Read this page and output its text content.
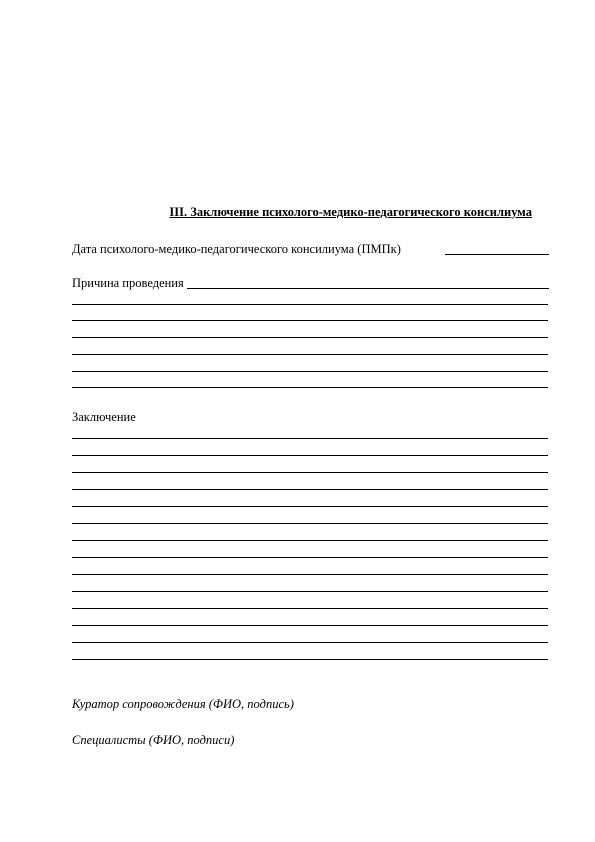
III. Заключение психолого-медико-педагогического консилиума
Дата психолого-медико-педагогического консилиума (ПМПк)
Причина проведения
Заключение
Куратор сопровождения (ФИО, подпись)
Специалисты (ФИО, подписи)
